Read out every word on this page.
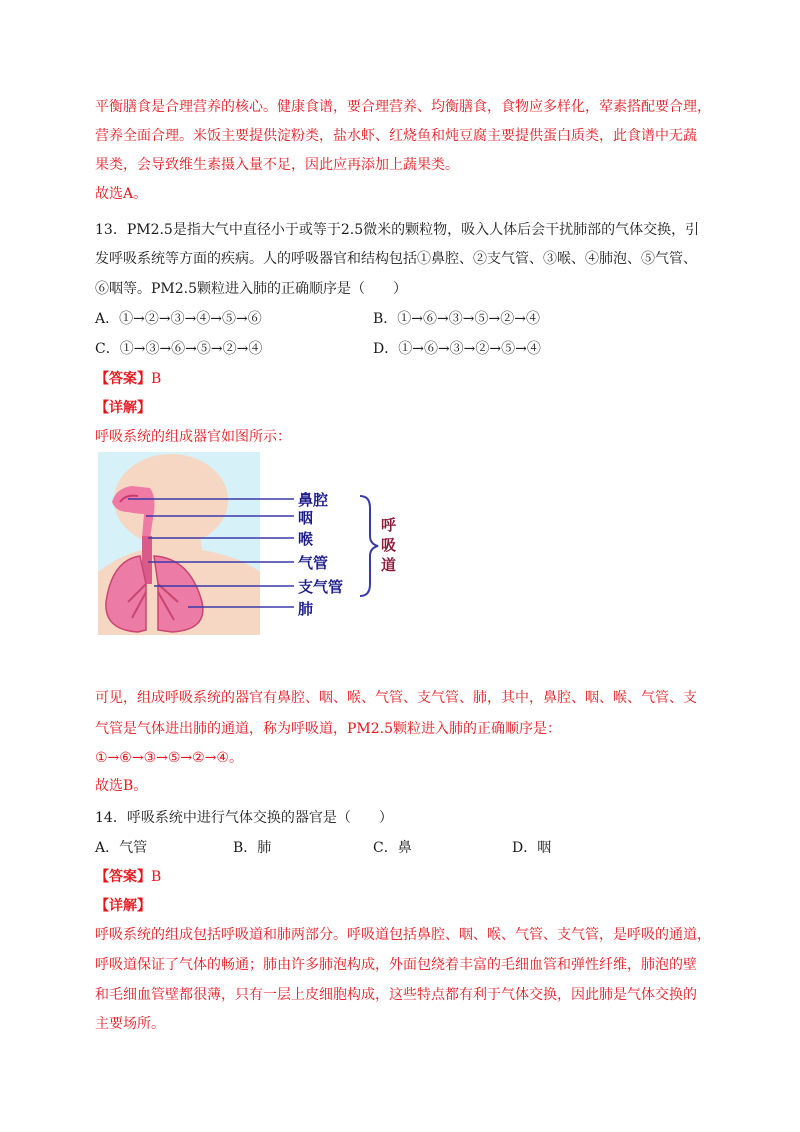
平衡膳食是合理营养的核心。健康食谱，要合理营养、均衡膳食，食物应多样化，荤素搭配要合理，
营养全面合理。米饭主要提供淀粉类，盐水虾、红烧鱼和炖豆腐主要提供蛋白质类，此食谱中无蔬
果类，会导致维生素摄入量不足，因此应再添加上蔬果类。
故选A。
13．PM2.5是指大气中直径小于或等于2.5微米的颗粒物，吸入人体后会干扰肺部的气体交换，引
发呼吸系统等方面的疾病。人的呼吸器官和结构包括①鼻腔、②支气管、③喉、④肺泡、⑤气管、
⑥咽等。PM2.5颗粒进入肺的正确顺序是（　　）
A．①→②→③→④→⑤→⑥	B．①→⑥→③→⑤→②→④
C．①→③→⑥→⑤→②→④	D．①→⑥→③→②→⑤→④
【答案】B
【详解】
呼吸系统的组成器官如图所示：
鼻腔
咽
喉
气管
支气管
肺
呼
吸
道
可见，组成呼吸系统的器官有鼻腔、咽、喉、气管、支气管、肺，其中，鼻腔、咽、喉、气管、支
气管是气体进出肺的通道，称为呼吸道，PM2.5颗粒进入肺的正确顺序是：
①→⑥→③→⑤→②→④。
故选B。
14．呼吸系统中进行气体交换的器官是（　　）
A．气管	B．肺	C．鼻	D．咽
【答案】B
【详解】
呼吸系统的组成包括呼吸道和肺两部分。呼吸道包括鼻腔、咽、喉、气管、支气管，是呼吸的通道，
呼吸道保证了气体的畅通；肺由许多肺泡构成，外面包绕着丰富的毛细血管和弹性纤维，肺泡的壁
和毛细血管壁都很薄，只有一层上皮细胞构成，这些特点都有利于气体交换，因此肺是气体交换的
主要场所。
